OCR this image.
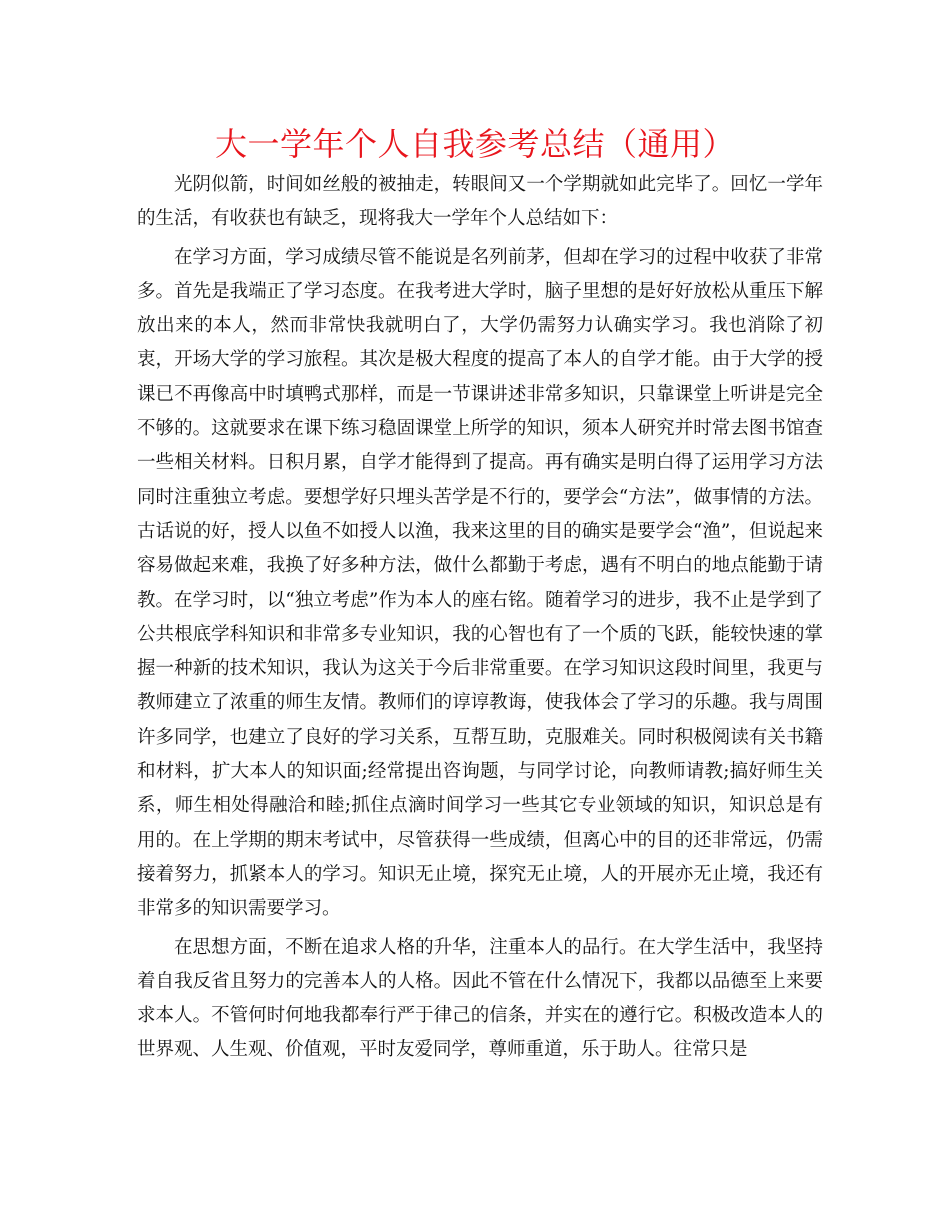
大一学年个人自我参考总结（通用）

光阴似箭，时间如丝般的被抽走，转眼间又一个学期就如此完毕了。回忆一学年的生活，有收获也有缺乏，现将我大一学年个人总结如下：

在学习方面，学习成绩尽管不能说是名列前茅，但却在学习的过程中收获了非常多。首先是我端正了学习态度。在我考进大学时，脑子里想的是好好放松从重压下解放出来的本人，然而非常快我就明白了，大学仍需努力认确实学习。我也消除了初衷，开场大学的学习旅程。其次是极大程度的提高了本人的自学才能。由于大学的授课已不再像高中时填鸭式那样，而是一节课讲述非常多知识，只靠课堂上听讲是完全不够的。这就要求在课下练习稳固课堂上所学的知识，须本人研究并时常去图书馆查一些相关材料。日积月累，自学才能得到了提高。再有确实是明白得了运用学习方法同时注重独立考虑。要想学好只埋头苦学是不行的，要学会“方法”，做事情的方法。古话说的好，授人以鱼不如授人以渔，我来这里的目的确实是要学会“渔”，但说起来容易做起来难，我换了好多种方法，做什么都勤于考虑，遇有不明白的地点能勤于请教。在学习时，以“独立考虑”作为本人的座右铭。随着学习的进步，我不止是学到了公共根底学科知识和非常多专业知识，我的心智也有了一个质的飞跃，能较快速的掌握一种新的技术知识，我认为这关于今后非常重要。在学习知识这段时间里，我更与教师建立了浓重的师生友情。教师们的谆谆教诲，使我体会了学习的乐趣。我与周围许多同学，也建立了良好的学习关系，互帮互助，克服难关。同时积极阅读有关书籍和材料，扩大本人的知识面;经常提出咨询题，与同学讨论，向教师请教;搞好师生关系，师生相处得融洽和睦;抓住点滴时间学习一些其它专业领域的知识，知识总是有用的。在上学期的期末考试中，尽管获得一些成绩，但离心中的目的还非常远，仍需接着努力，抓紧本人的学习。知识无止境，探究无止境，人的开展亦无止境，我还有非常多的知识需要学习。

在思想方面，不断在追求人格的升华，注重本人的品行。在大学生活中，我坚持着自我反省且努力的完善本人的人格。因此不管在什么情况下，我都以品德至上来要求本人。不管何时何地我都奉行严于律己的信条，并实在的遵行它。积极改造本人的世界观、人生观、价值观，平时友爱同学，尊师重道，乐于助人。往常只是
